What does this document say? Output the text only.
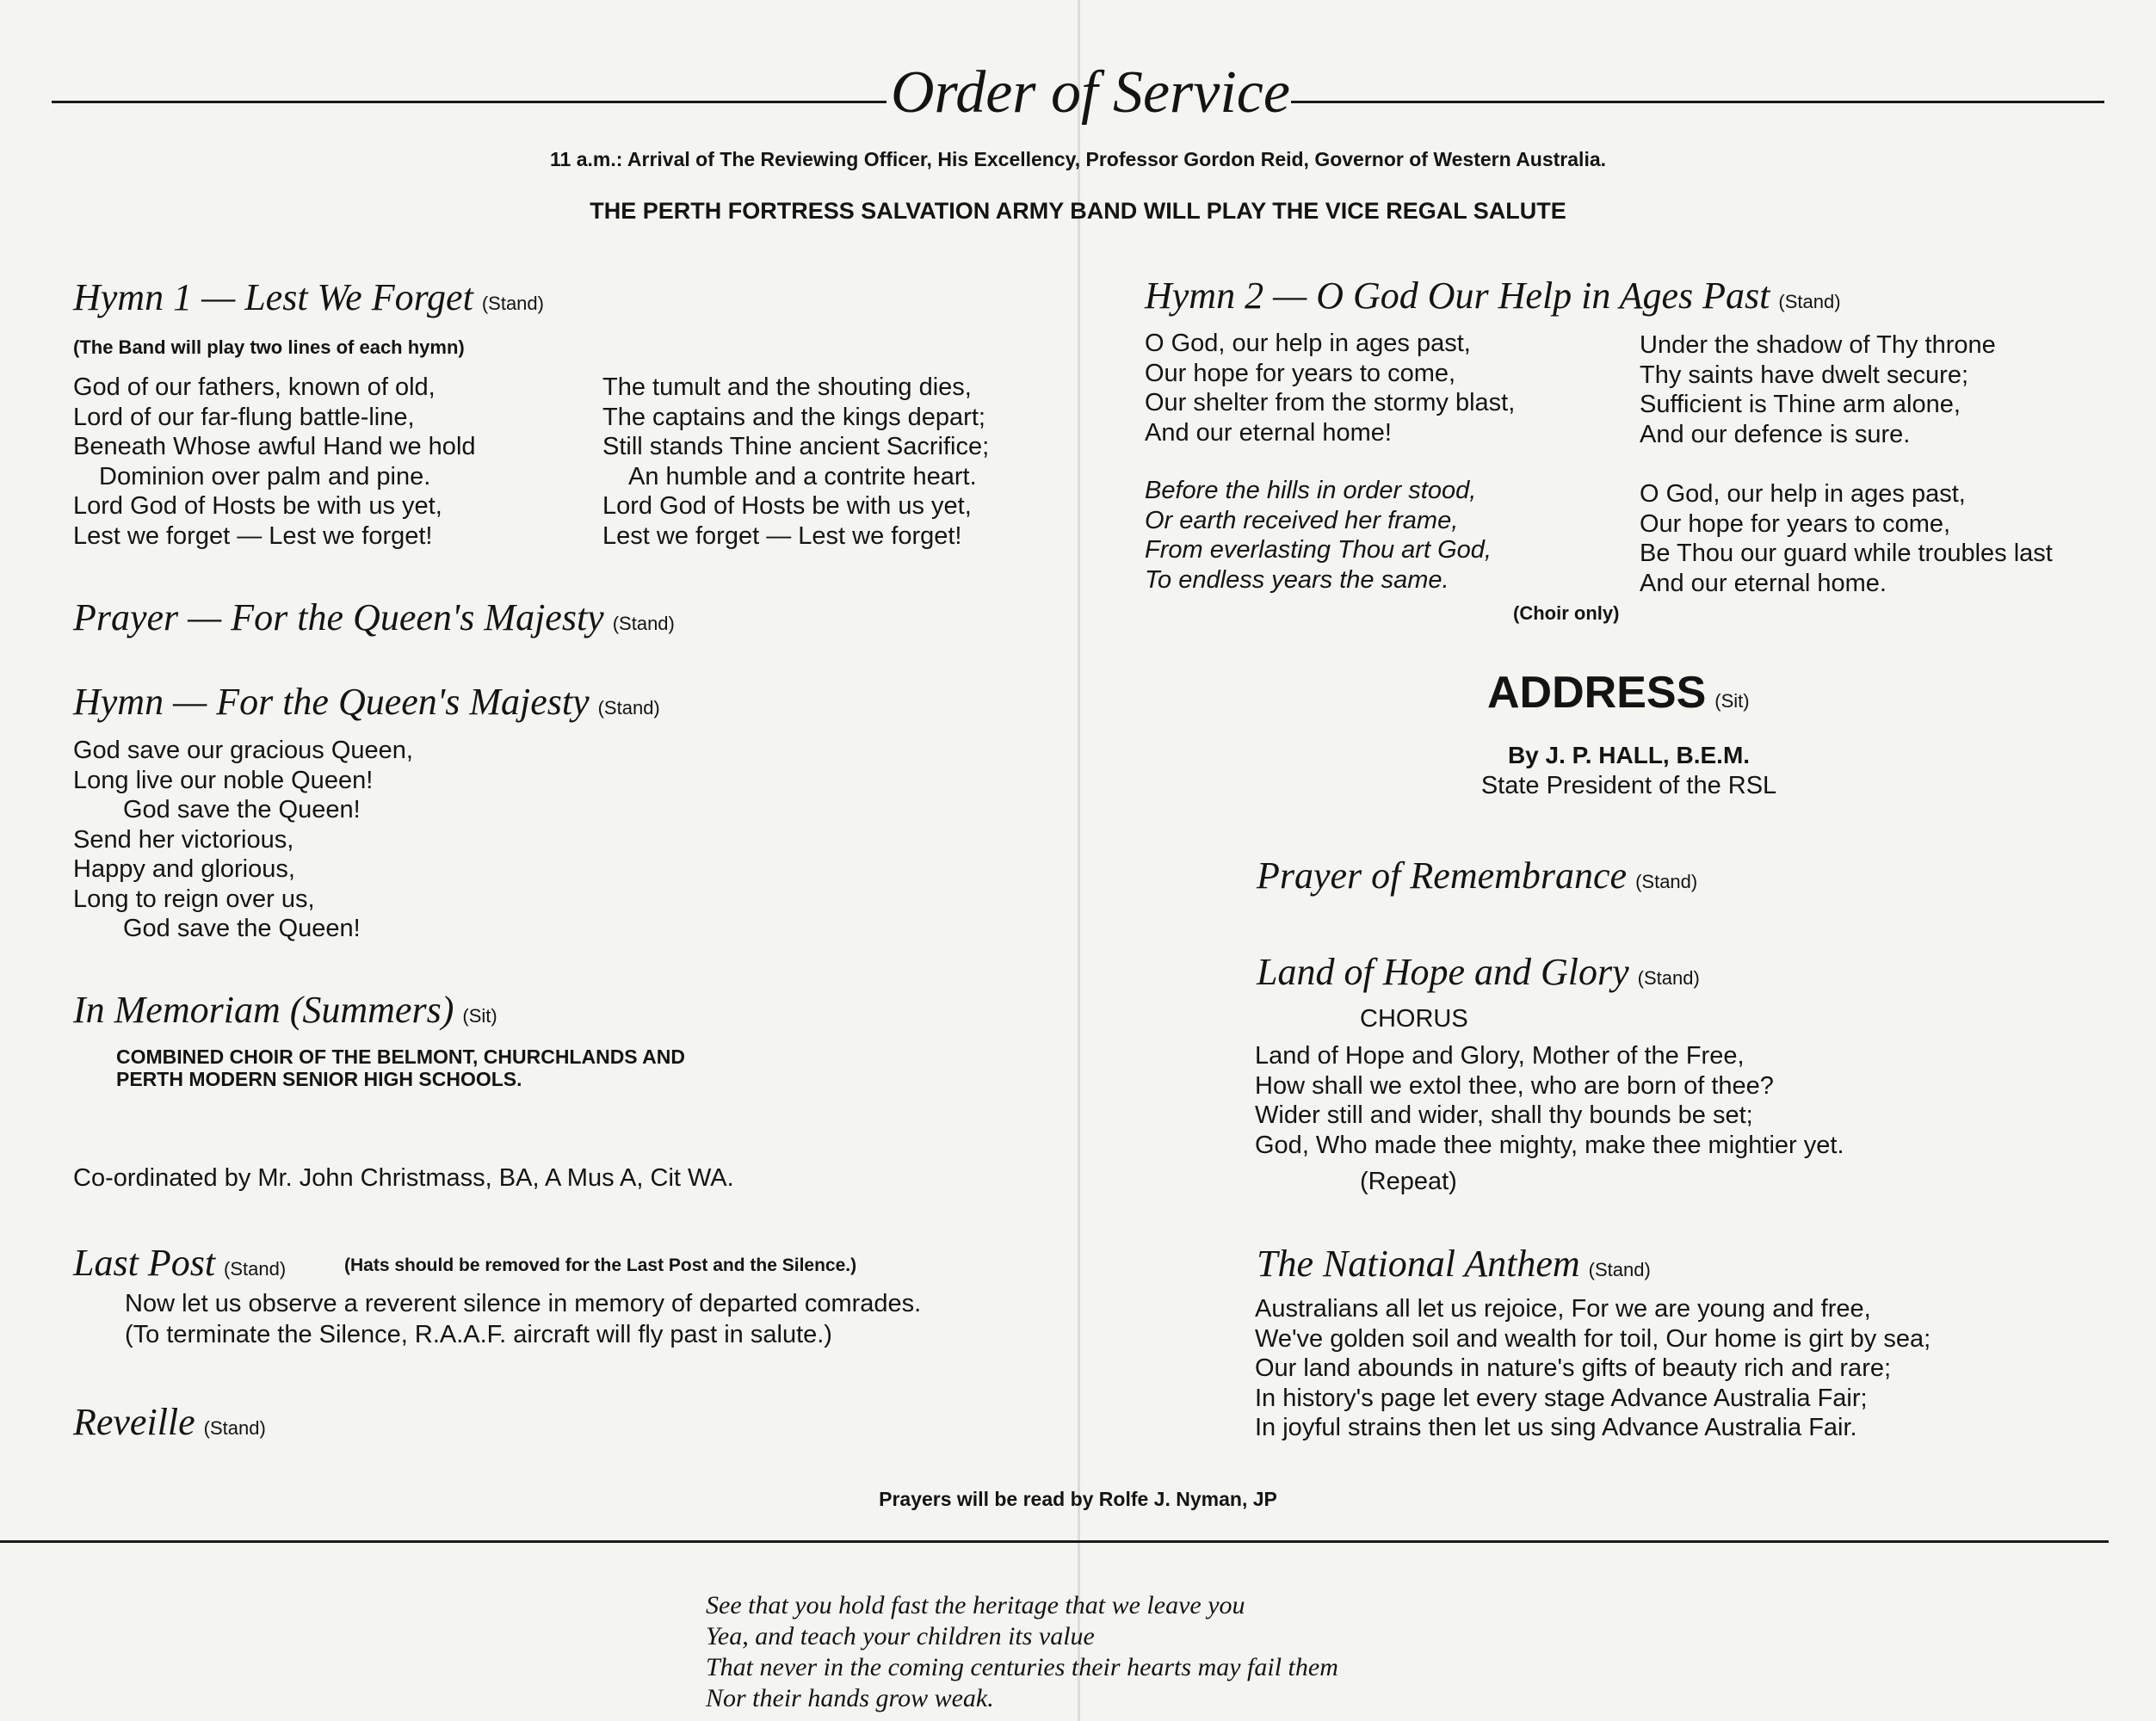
Order of Service
11 a.m.: Arrival of The Reviewing Officer, His Excellency, Professor Gordon Reid, Governor of Western Australia.
THE PERTH FORTRESS SALVATION ARMY BAND WILL PLAY THE VICE REGAL SALUTE
Hymn 1 — Lest We Forget (Stand)
(The Band will play two lines of each hymn)
God of our fathers, known of old,
Lord of our far-flung battle-line,
Beneath Whose awful Hand we hold
Dominion over palm and pine.
Lord God of Hosts be with us yet,
Lest we forget — Lest we forget!
The tumult and the shouting dies,
The captains and the kings depart;
Still stands Thine ancient Sacrifice;
An humble and a contrite heart.
Lord God of Hosts be with us yet,
Lest we forget — Lest we forget!
Prayer — For the Queen's Majesty (Stand)
Hymn — For the Queen's Majesty (Stand)
God save our gracious Queen,
Long live our noble Queen!
God save the Queen!
Send her victorious,
Happy and glorious,
Long to reign over us,
God save the Queen!
In Memoriam (Summers) (Sit)
COMBINED CHOIR OF THE BELMONT, CHURCHLANDS AND
PERTH MODERN SENIOR HIGH SCHOOLS.
Co-ordinated by Mr. John Christmass, BA, A Mus A, Cit WA.
Last Post (Stand)	(Hats should be removed for the Last Post and the Silence.)
Now let us observe a reverent silence in memory of departed comrades.
(To terminate the Silence, R.A.A.F. aircraft will fly past in salute.)
Reveille (Stand)
Hymn 2 — O God Our Help in Ages Past (Stand)
O God, our help in ages past,
Our hope for years to come,
Our shelter from the stormy blast,
And our eternal home!
Under the shadow of Thy throne
Thy saints have dwelt secure;
Sufficient is Thine arm alone,
And our defence is sure.
Before the hills in order stood,
Or earth received her frame,
From everlasting Thou art God,
To endless years the same.
O God, our help in ages past,
Our hope for years to come,
Be Thou our guard while troubles last
And our eternal home.
(Choir only)
ADDRESS (Sit)
By J. P. HALL, B.E.M.
State President of the RSL
Prayer of Remembrance (Stand)
Land of Hope and Glory (Stand)
CHORUS
Land of Hope and Glory, Mother of the Free,
How shall we extol thee, who are born of thee?
Wider still and wider, shall thy bounds be set;
God, Who made thee mighty, make thee mightier yet.
(Repeat)
The National Anthem (Stand)
Australians all let us rejoice, For we are young and free,
We've golden soil and wealth for toil, Our home is girt by sea;
Our land abounds in nature's gifts of beauty rich and rare;
In history's page let every stage Advance Australia Fair;
In joyful strains then let us sing Advance Australia Fair.
Prayers will be read by Rolfe J. Nyman, JP
See that you hold fast the heritage that we leave you
Yea, and teach your children its value
That never in the coming centuries their hearts may fail them
Nor their hands grow weak.
